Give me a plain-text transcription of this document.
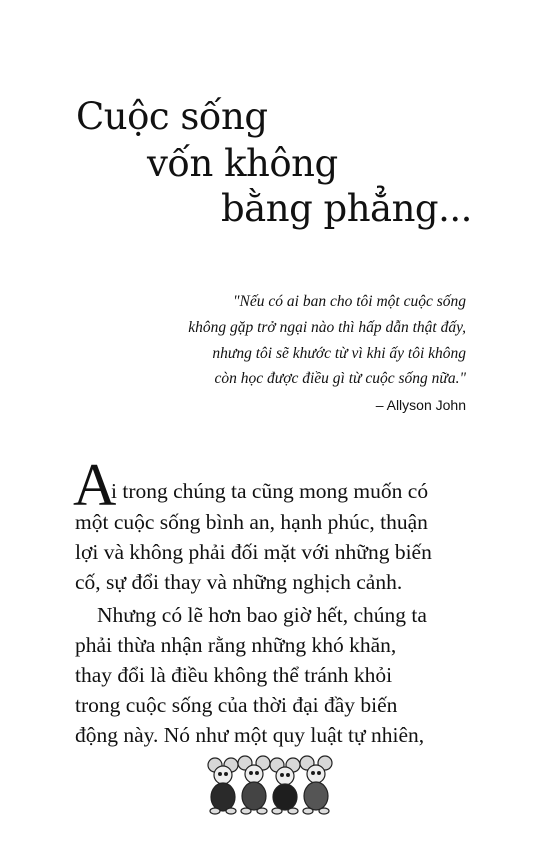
Cuộc sống
vốn không
bằng phẳng...
"Nếu có ai ban cho tôi một cuộc sống
không gặp trở ngại nào thì hấp dẫn thật đấy,
nhưng tôi sẽ khước từ vì khi ấy tôi không
còn học được điều gì từ cuộc sống nữa."
– Allyson John
A
i trong chúng ta cũng mong muốn có
một cuộc sống bình an, hạnh phúc, thuận
lợi và không phải đối mặt với những biến
cố, sự đổi thay và những nghịch cảnh.
Nhưng có lẽ hơn bao giờ hết, chúng ta
phải thừa nhận rằng những khó khăn,
thay đổi là điều không thể tránh khỏi
trong cuộc sống của thời đại đầy biến
động này. Nó như một quy luật tự nhiên,
